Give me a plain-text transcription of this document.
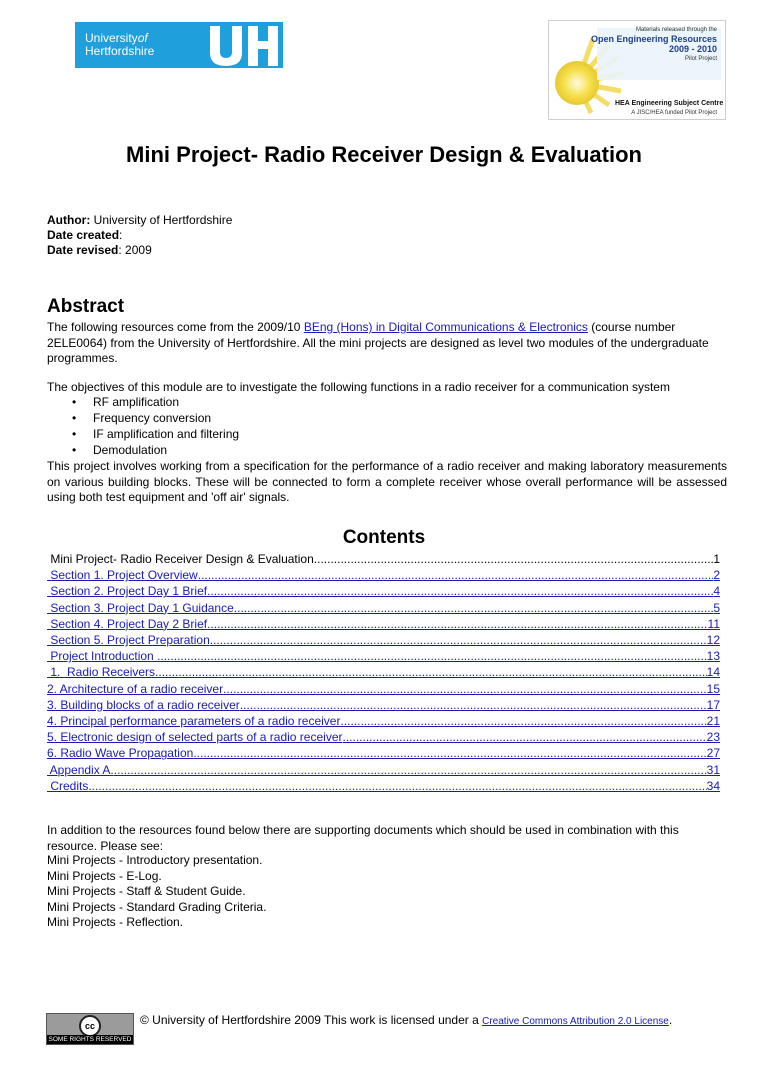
Universityof
Hertfordshire
Materials released through the
Open Engineering Resources
2009 - 2010
Pilot Project
HEA Engineering Subject Centre
A JISC/HEA funded Pilot Project
Mini Project- Radio Receiver Design & Evaluation
Author: University of Hertfordshire
Date created:
Date revised: 2009
Abstract
The following resources come from the 2009/10 BEng (Hons) in Digital Communications & Electronics (course number 2ELE0064) from the University of Hertfordshire. All the mini projects are designed as level two modules of the undergraduate programmes.
The objectives of this module are to investigate the following functions in a radio receiver for a communication system
• RF amplification
• Frequency conversion
• IF amplification and filtering
• Demodulation
This project involves working from a specification for the performance of a radio receiver and making laboratory measurements on various building blocks. These will be connected to form a complete receiver whose overall performance will be assessed using both test equipment and 'off air' signals.
Contents
Mini Project- Radio Receiver Design & Evaluation .....	1
Section 1. Project Overview .....	2
Section 2. Project Day 1 Brief .....	4
Section 3. Project Day 1 Guidance .....	5
Section 4. Project Day 2 Brief .....	11
Section 5. Project Preparation .....	12
Project Introduction .....	13
1.  Radio Receivers .....	14
2. Architecture of a radio receiver .....	15
3. Building blocks of a radio receiver .....	17
4. Principal performance parameters of a radio receiver .....	21
5. Electronic design of selected parts of a radio receiver .....	23
6. Radio Wave Propagation .....	27
Appendix A. .....	31
Credits .....	34
In addition to the resources found below there are supporting documents which should be used in combination with this resource. Please see:
Mini Projects - Introductory presentation.
Mini Projects - E-Log.
Mini Projects - Staff & Student Guide.
Mini Projects - Standard Grading Criteria.
Mini Projects - Reflection.
cc
SOME RIGHTS RESERVED
© University of Hertfordshire 2009 This work is licensed under a Creative Commons Attribution 2.0 License.
